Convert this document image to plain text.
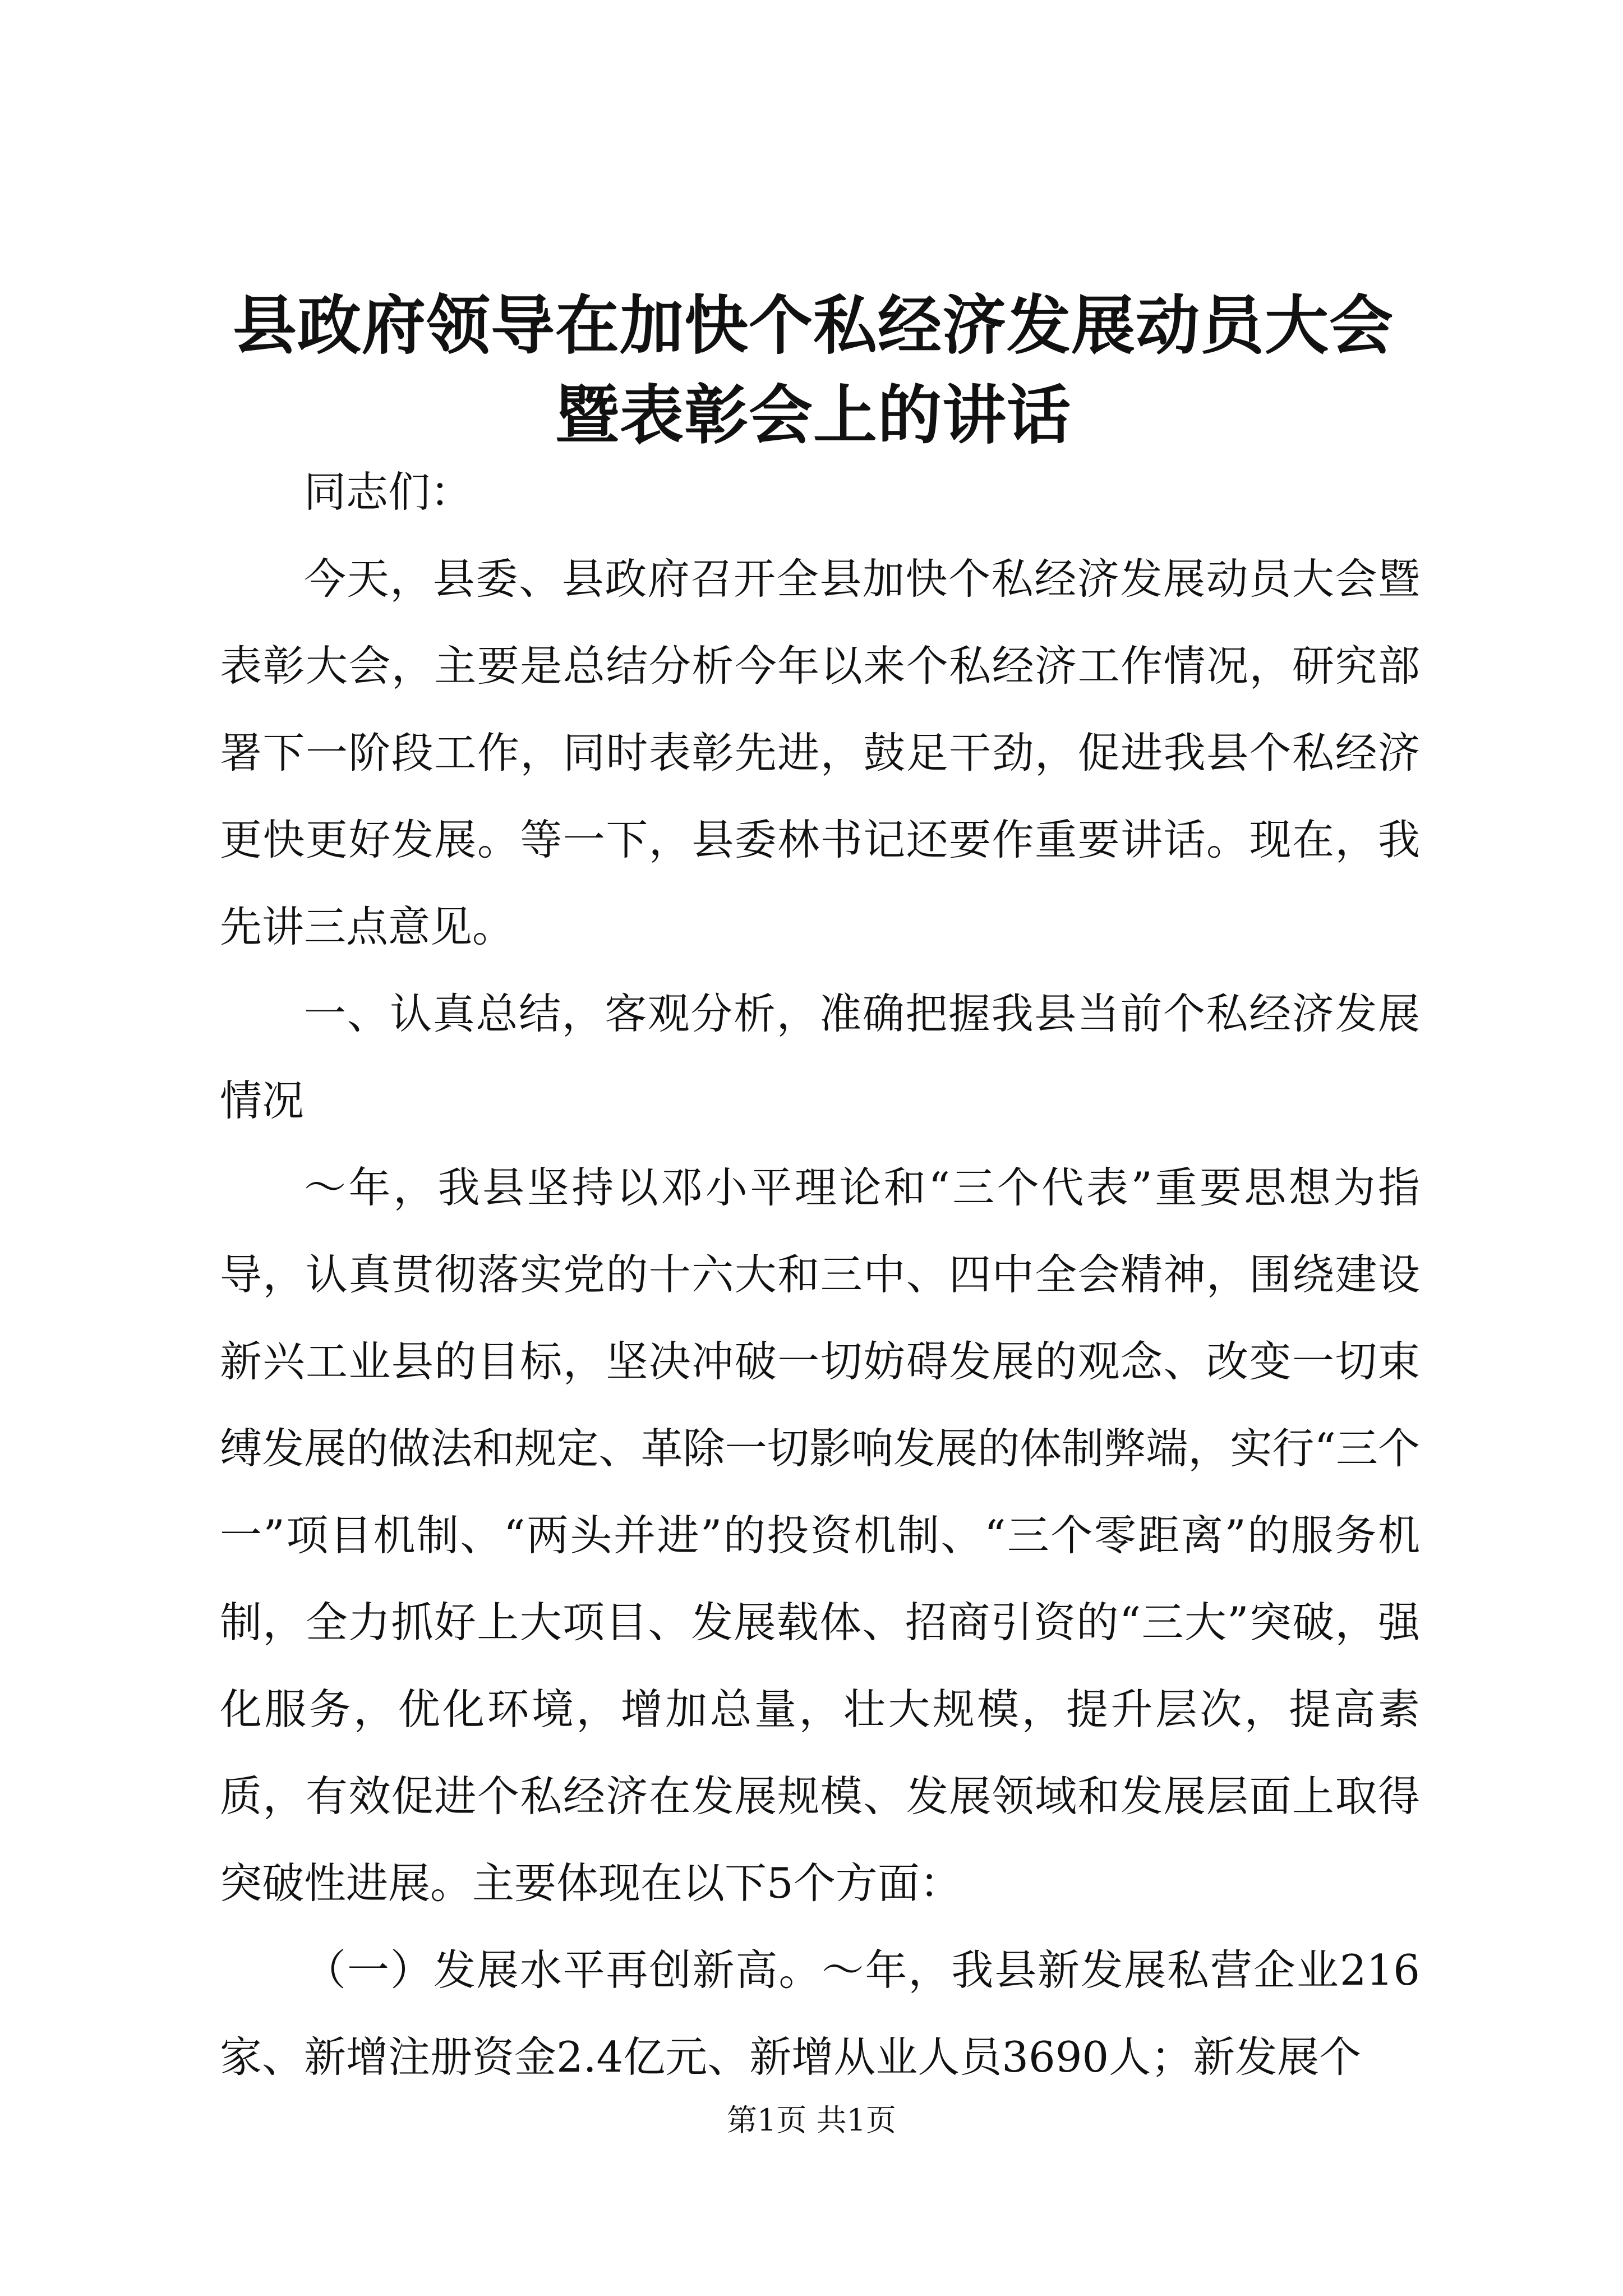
县政府领导在加快个私经济发展动员大会暨表彰会上的讲话

同志们：

今天，县委、县政府召开全县加快个私经济发展动员大会暨表彰大会，主要是总结分析今年以来个私经济工作情况，研究部署下一阶段工作，同时表彰先进，鼓足干劲，促进我县个私经济更快更好发展。等一下，县委林书记还要作重要讲话。现在，我先讲三点意见。

一、认真总结，客观分析，准确把握我县当前个私经济发展情况

～年，我县坚持以邓小平理论和“三个代表”重要思想为指导，认真贯彻落实党的十六大和三中、四中全会精神，围绕建设新兴工业县的目标，坚决冲破一切妨碍发展的观念、改变一切束缚发展的做法和规定、革除一切影响发展的体制弊端，实行“三个一”项目机制、“两头并进”的投资机制、“三个零距离”的服务机制，全力抓好上大项目、发展载体、招商引资的“三大”突破，强化服务，优化环境，增加总量，壮大规模，提升层次，提高素质，有效促进个私经济在发展规模、发展领域和发展层面上取得突破性进展。主要体现在以下5个方面：

（一）发展水平再创新高。～年，我县新发展私营企业216家、新增注册资金2.4亿元、新增从业人员3690人；新发展个

第1页 共1页
